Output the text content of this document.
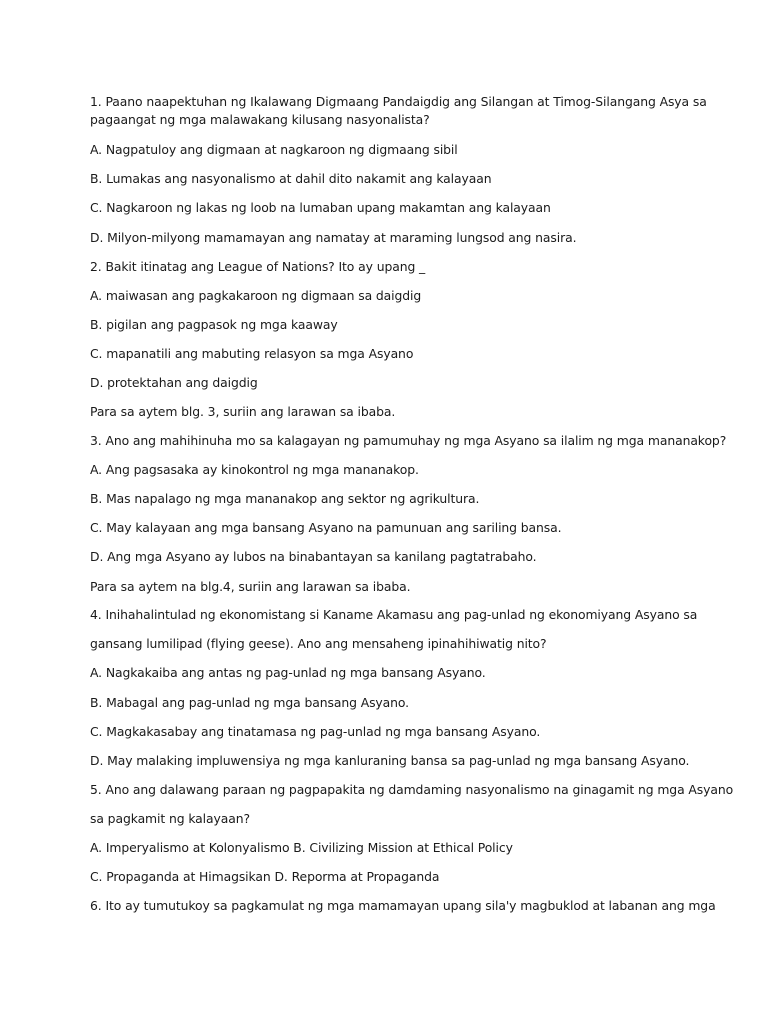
1. Paano naapektuhan ng Ikalawang Digmaang Pandaigdig ang Silangan at Timog-Silangang Asya sa

pagaangat ng mga malawakang kilusang nasyonalista?

A. Nagpatuloy ang digmaan at nagkaroon ng digmaang sibil

B. Lumakas ang nasyonalismo at dahil dito nakamit ang kalayaan

C. Nagkaroon ng lakas ng loob na lumaban upang makamtan ang kalayaan

D. Milyon-milyong mamamayan ang namatay at maraming lungsod ang nasira.

2. Bakit itinatag ang League of Nations? Ito ay upang _

A. maiwasan ang pagkakaroon ng digmaan sa daigdig

B. pigilan ang pagpasok ng mga kaaway

C. mapanatili ang mabuting relasyon sa mga Asyano

D. protektahan ang daigdig

Para sa aytem blg. 3, suriin ang larawan sa ibaba.

3. Ano ang mahihinuha mo sa kalagayan ng pamumuhay ng mga Asyano sa ilalim ng mga mananakop?

A. Ang pagsasaka ay kinokontrol ng mga mananakop.

B. Mas napalago ng mga mananakop ang sektor ng agrikultura.

C. May kalayaan ang mga bansang Asyano na pamunuan ang sariling bansa.

D. Ang mga Asyano ay lubos na binabantayan sa kanilang pagtatrabaho.

Para sa aytem na blg.4, suriin ang larawan sa ibaba.

4. Inihahalintulad ng ekonomistang si Kaname Akamasu ang pag-unlad ng ekonomiyang Asyano sa

gansang lumilipad (flying geese). Ano ang mensaheng ipinahihiwatig nito?

A. Nagkakaiba ang antas ng pag-unlad ng mga bansang Asyano.

B. Mabagal ang pag-unlad ng mga bansang Asyano.

C. Magkakasabay ang tinatamasa ng pag-unlad ng mga bansang Asyano.

D. May malaking impluwensiya ng mga kanluraning bansa sa pag-unlad ng mga bansang Asyano.

5. Ano ang dalawang paraan ng pagpapakita ng damdaming nasyonalismo na ginagamit ng mga Asyano

sa pagkamit ng kalayaan?

A. Imperyalismo at Kolonyalismo B. Civilizing Mission at Ethical Policy

C. Propaganda at Himagsikan D. Reporma at Propaganda

6. Ito ay tumutukoy sa pagkamulat ng mga mamamayan upang sila'y magbuklod at labanan ang mga
